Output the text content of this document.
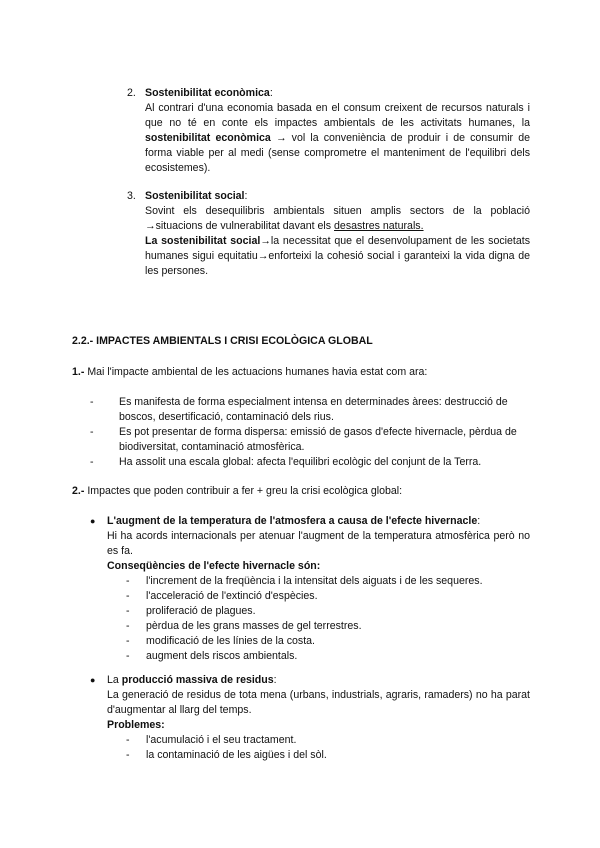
2. Sostenibilitat econòmica:
Al contrari d'una economia basada en el consum creixent de recursos naturals i que no té en conte els impactes ambientals de les activitats humanes, la sostenibilitat econòmica → vol la conveniència de produir i de consumir de forma viable per al medi (sense comprometre el manteniment de l'equilibri dels ecosistemes).
3. Sostenibilitat social:
Sovint els desequilibris ambientals situen amplis sectors de la població →situacions de vulnerabilitat davant els desastres naturals.
La sostenibilitat social→la necessitat que el desenvolupament de les societats humanes sigui equitatiu→enforteixi la cohesió social i garanteixi la vida digna de les persones.
2.2.- IMPACTES AMBIENTALS I CRISI ECOLÒGICA GLOBAL
1.- Mai l'impacte ambiental de les actuacions humanes havia estat com ara:
- Es manifesta de forma especialment intensa en determinades àrees: destrucció de boscos, desertificació, contaminació dels rius.
- Es pot presentar de forma dispersa: emissió de gasos d'efecte hivernacle, pèrdua de biodiversitat, contaminació atmosfèrica.
- Ha assolit una escala global: afecta l'equilibri ecològic del conjunt de la Terra.
2.- Impactes que poden contribuir a fer + greu la crisi ecològica global:
● L'augment de la temperatura de l'atmosfera a causa de l'efecte hivernacle:
Hi ha acords internacionals per atenuar l'augment de la temperatura atmosfèrica però no es fa.
Conseqüències de l'efecte hivernacle són:
- l'increment de la freqüència i la intensitat dels aiguats i de les sequeres.
- l'acceleració de l'extinció d'espècies.
- proliferació de plagues.
- pèrdua de les grans masses de gel terrestres.
- modificació de les línies de la costa.
- augment dels riscos ambientals.
● La producció massiva de residus:
La generació de residus de tota mena (urbans, industrials, agraris, ramaders) no ha parat d'augmentar al llarg del temps.
Problemes:
- l'acumulació i el seu tractament.
- la contaminació de les aigües i del sòl.
